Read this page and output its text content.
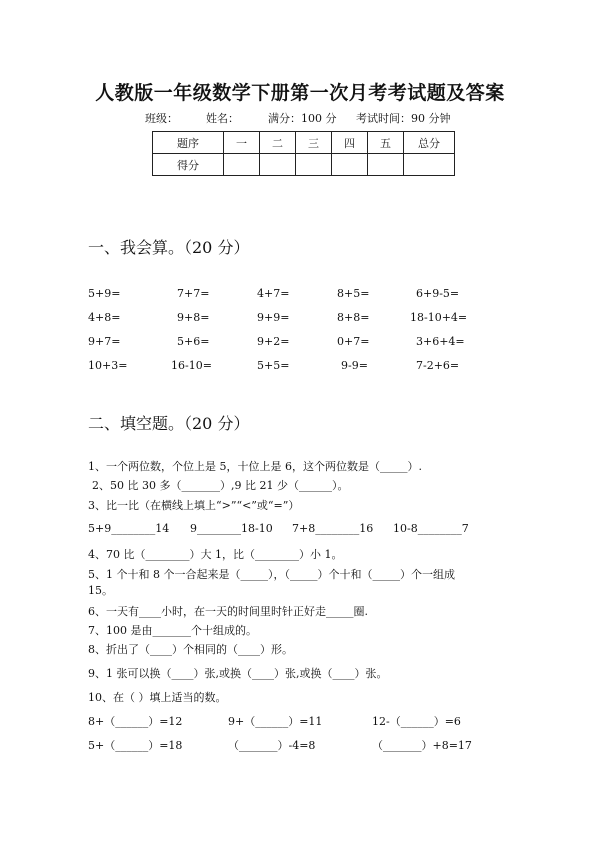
人教版一年级数学下册第一次月考考试题及答案
班级：	姓名：	满分：100 分 考试时间：90 分钟
题序	一	二	三	四	五	总分
得分						
一、我会算。（20 分）
5+9=	7+7=	4+7=	8+5=	6+9-5=
4+8=	9+8=	9+9=	8+8=	18-10+4=
9+7=	5+6=	9+2=	0+7=	3+6+4=
10+3=	16-10=	5+5=	9-9=	7-2+6=
二、填空题。（20 分）
1、一个两位数，个位上是 5，十位上是 6，这个两位数是（_____）.
2、50 比 30 多（_______）,9 比 21 少（______）。
3、比一比（在横线上填上“>”“<”或“=”）
5+9________14 9________18-10 7+8________16 10-8________7
4、70 比（________）大 1，比（________）小 1。
5、1 个十和 8 个一合起来是（_____），（_____）个十和（_____）个一组成
15。
6、一天有____小时，在一天的时间里时针正好走_____圈.
7、100 是由_______个十组成的。
8、折出了（____）个相同的（____）形。
9、1 张可以换（____）张,或换（____）张,或换（____）张。
10、在（ ）填上适当的数。
8+（______）=12	9+（______）=11	12-（______）=6
5+（______）=18	（_______）-4=8	（_______）+8=17
